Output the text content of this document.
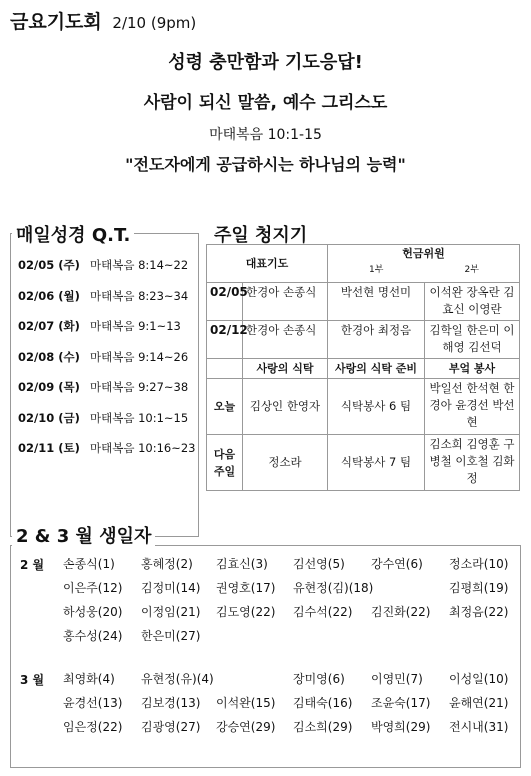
금요기도회 2/10 (9pm)
성령 충만함과 기도응답!
사람이 되신 말씀, 예수 그리스도
마태복음 10:1-15
"전도자에게 공급하시는 하나님의 능력"
매일성경 Q.T.
02/05 (주) 마태복음 8:14~22
02/06 (월) 마태복음 8:23~34
02/07 (화) 마태복음 9:1~13
02/08 (수) 마태복음 9:14~26
02/09 (목) 마태복음 9:27~38
02/10 (금) 마태복음 10:1~15
02/11 (토) 마태복음 10:16~23
주일 청지기
대표기도		헌금위원
1부 2부	

02/05	한경아 손종식	박선현 명선미	이석완 장옥란 김효신 이영란
02/12	한경아 손종식	한경아 최정음	김학일 한은미 이해영 김선덕
	사랑의 식탁	사랑의 식탁 준비	부엌 봉사
오늘	김상인 한영자	식탁봉사 6 팀	박일선 한석현 한경아 윤경선 박선현
다음 주일	정소라	식탁봉사 7 팀	김소희 김영훈 구병철 이호철 김화정
2 & 3 월 생일자
2 월
3 월
손종식(1) 홍혜정(2) 김효신(3) 김선영(5) 강수연(6) 정소라(10)
이은주(12) 김정미(14) 권영호(17) 유현정(김)(18)	김평희(19)
하성웅(20) 이정임(21) 김도영(22) 김수석(22) 김진화(22) 최정음(22)
홍수성(24) 한은미(27)
최영화(4) 유현정(유)(4)	장미영(6) 이영민(7) 이성일(10)
윤경선(13) 김보경(13) 이석완(15) 김태숙(16) 조윤숙(17) 윤해연(21)
임은정(22) 김광영(27) 강승연(29) 김소희(29) 박영희(29) 전시내(31)
